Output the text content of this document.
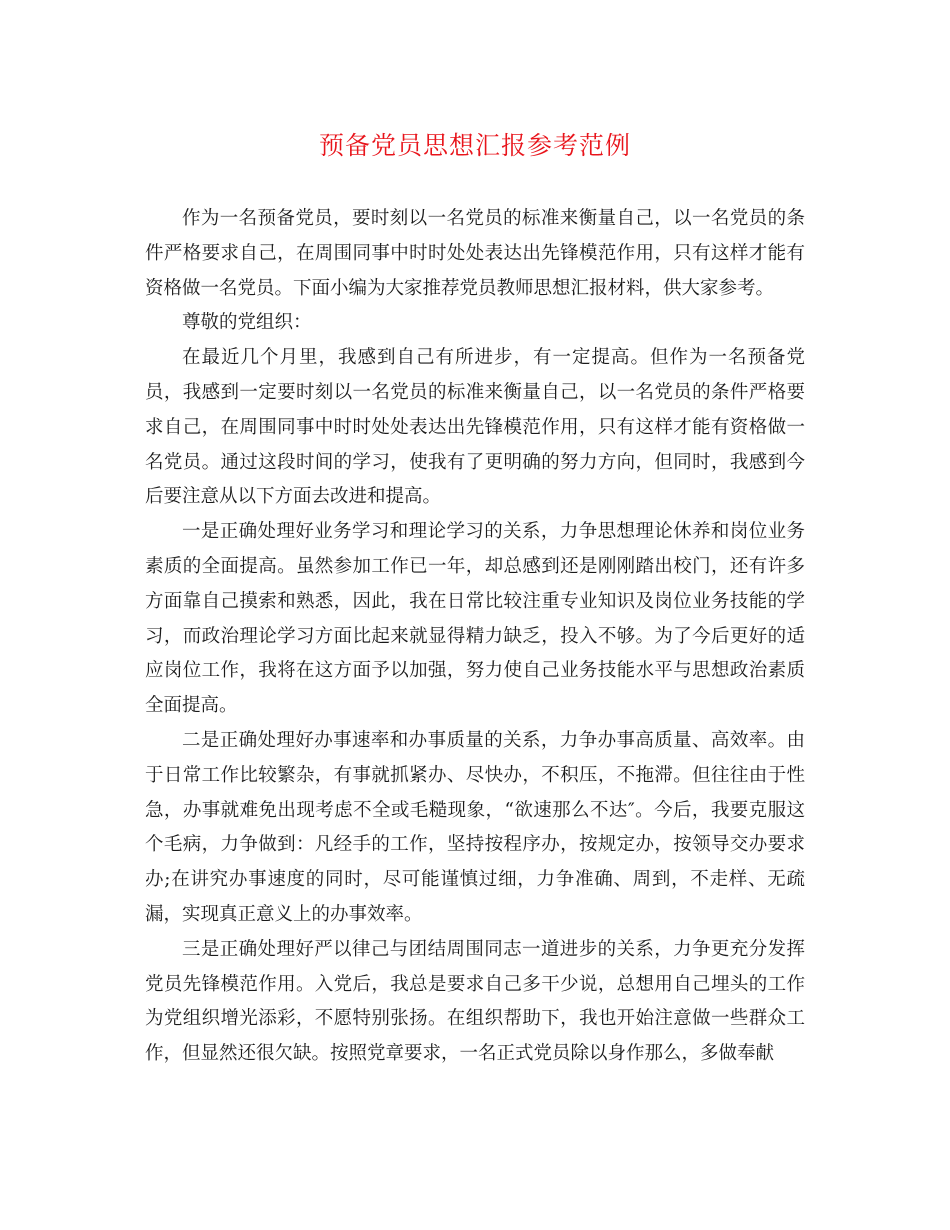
预备党员思想汇报参考范例

作为一名预备党员，要时刻以一名党员的标准来衡量自己，以一名党员的条件严格要求自己，在周围同事中时时处处表达出先锋模范作用，只有这样才能有资格做一名党员。下面小编为大家推荐党员教师思想汇报材料，供大家参考。

尊敬的党组织：

在最近几个月里，我感到自己有所进步，有一定提高。但作为一名预备党员，我感到一定要时刻以一名党员的标准来衡量自己，以一名党员的条件严格要求自己，在周围同事中时时处处表达出先锋模范作用，只有这样才能有资格做一名党员。通过这段时间的学习，使我有了更明确的努力方向，但同时，我感到今后要注意从以下方面去改进和提高。

一是正确处理好业务学习和理论学习的关系，力争思想理论休养和岗位业务素质的全面提高。虽然参加工作已一年，却总感到还是刚刚踏出校门，还有许多方面靠自己摸索和熟悉，因此，我在日常比较注重专业知识及岗位业务技能的学习，而政治理论学习方面比起来就显得精力缺乏，投入不够。为了今后更好的适应岗位工作，我将在这方面予以加强，努力使自己业务技能水平与思想政治素质全面提高。

二是正确处理好办事速率和办事质量的关系，力争办事高质量、高效率。由于日常工作比较繁杂，有事就抓紧办、尽快办，不积压，不拖滞。但往往由于性急，办事就难免出现考虑不全或毛糙现象，“欲速那么不达″。今后，我要克服这个毛病，力争做到：凡经手的工作，坚持按程序办，按规定办，按领导交办要求办;在讲究办事速度的同时，尽可能谨慎过细，力争准确、周到，不走样、无疏漏，实现真正意义上的办事效率。

三是正确处理好严以律己与团结周围同志一道进步的关系，力争更充分发挥党员先锋模范作用。入党后，我总是要求自己多干少说，总想用自己埋头的工作为党组织增光添彩，不愿特别张扬。在组织帮助下，我也开始注意做一些群众工作，但显然还很欠缺。按照党章要求，一名正式党员除以身作那么，多做奉献
